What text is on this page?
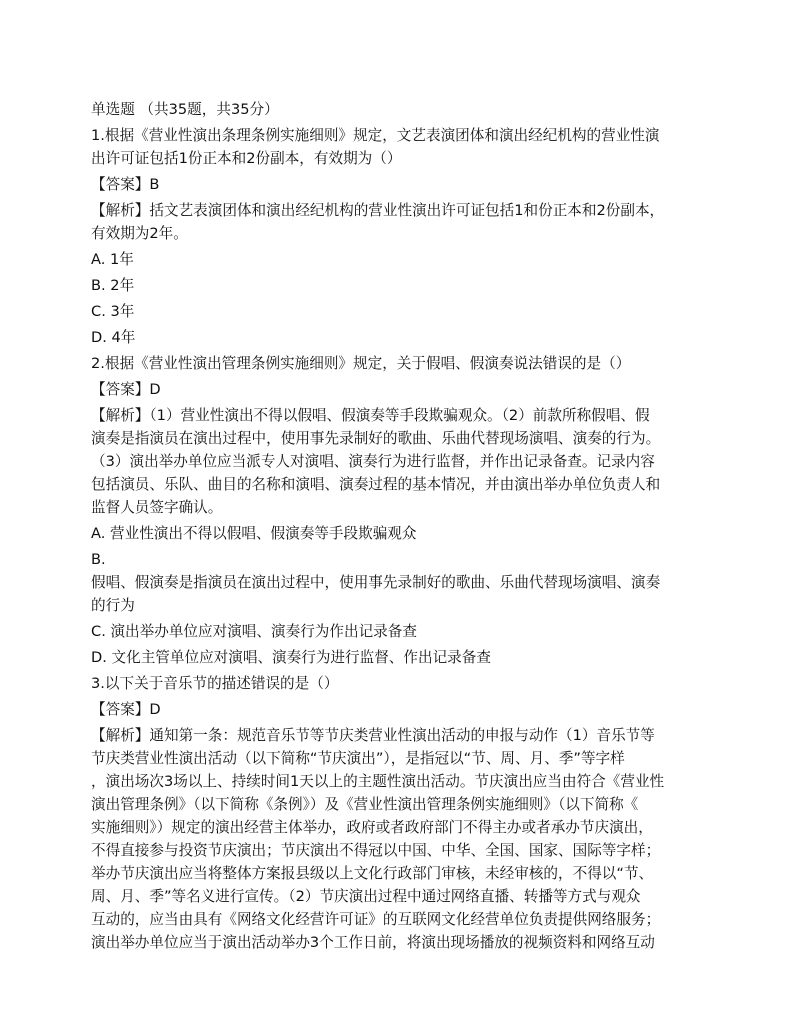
单选题 （共35题，共35分）
1.根据《营业性演出条理条例实施细则》规定，文艺表演团体和演出经纪机构的营业性演
出许可证包括1份正本和2份副本，有效期为（）
【答案】B
【解析】括文艺表演团体和演出经纪机构的营业性演出许可证包括1和份正本和2份副本，
有效期为2年。
A. 1年
B. 2年
C. 3年
D. 4年
2.根据《营业性演出管理条例实施细则》规定，关于假唱、假演奏说法错误的是（）
【答案】D
【解析】（1）营业性演出不得以假唱、假演奏等手段欺骗观众。（2）前款所称假唱、假
演奏是指演员在演出过程中，使用事先录制好的歌曲、乐曲代替现场演唱、演奏的行为。
（3）演出举办单位应当派专人对演唱、演奏行为进行监督，并作出记录备查。记录内容
包括演员、乐队、曲目的名称和演唱、演奏过程的基本情况，并由演出举办单位负责人和
监督人员签字确认。
A. 营业性演出不得以假唱、假演奏等手段欺骗观众
B.
假唱、假演奏是指演员在演出过程中，使用事先录制好的歌曲、乐曲代替现场演唱、演奏
的行为
C. 演出举办单位应对演唱、演奏行为作出记录备查
D. 文化主管单位应对演唱、演奏行为进行监督、作出记录备查
3.以下关于音乐节的描述错误的是（）
【答案】D
【解析】通知第一条：规范音乐节等节庆类营业性演出活动的申报与动作（1）音乐节等
节庆类营业性演出活动（以下简称“节庆演出”），是指冠以“节、周、月、季”等字样
，演出场次3场以上、持续时间1天以上的主题性演出活动。节庆演出应当由符合《营业性
演出管理条例》（以下简称《条例》）及《营业性演出管理条例实施细则》（以下简称《
实施细则》）规定的演出经营主体举办，政府或者政府部门不得主办或者承办节庆演出，
不得直接参与投资节庆演出；节庆演出不得冠以中国、中华、全国、国家、国际等字样；
举办节庆演出应当将整体方案报县级以上文化行政部门审核，未经审核的，不得以“节、
周、月、季”等名义进行宣传。（2）节庆演出过程中通过网络直播、转播等方式与观众
互动的，应当由具有《网络文化经营许可证》的互联网文化经营单位负责提供网络服务；
演出举办单位应当于演出活动举办3个工作日前，将演出现场播放的视频资料和网络互动
